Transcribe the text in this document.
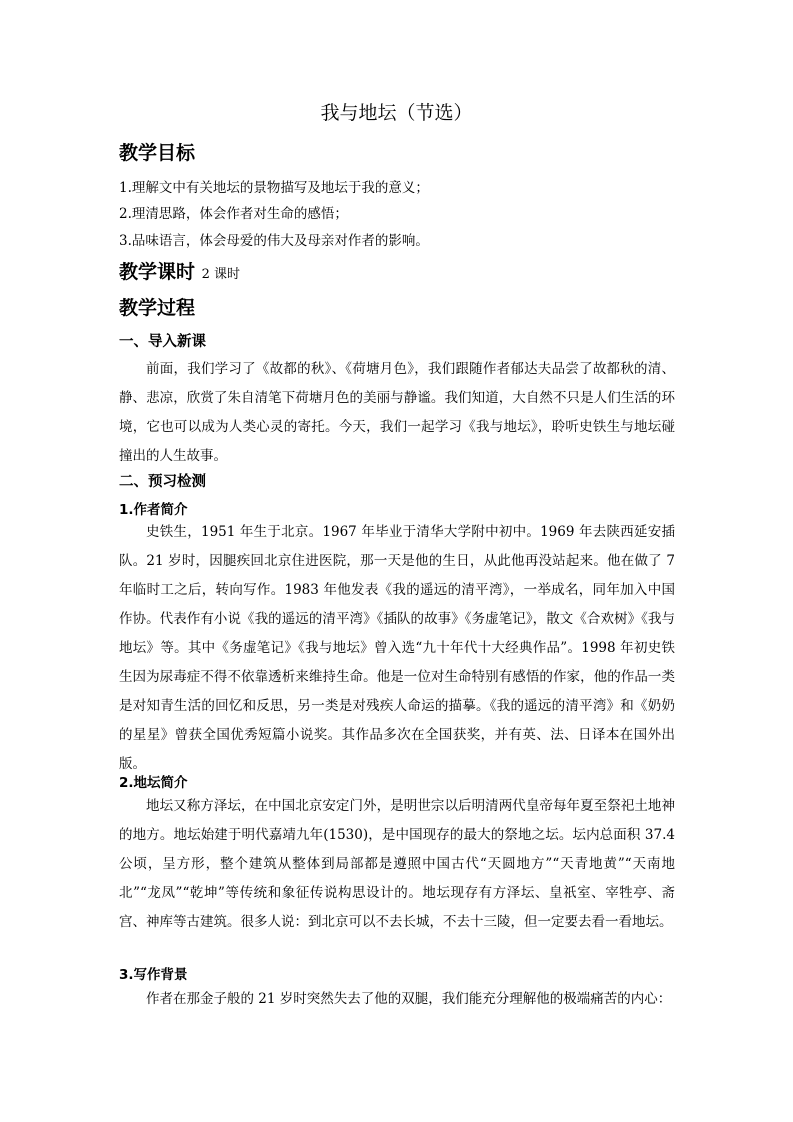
我与地坛（节选）
教学目标
1.理解文中有关地坛的景物描写及地坛于我的意义；
2.理清思路，体会作者对生命的感悟；
3.品味语言，体会母爱的伟大及母亲对作者的影响。
教学课时 2 课时
教学过程
一、导入新课
前面，我们学习了《故都的秋》、《荷塘月色》，我们跟随作者郁达夫品尝了故都秋的清、静、悲凉，欣赏了朱自清笔下荷塘月色的美丽与静谧。我们知道，大自然不只是人们生活的环境，它也可以成为人类心灵的寄托。今天，我们一起学习《我与地坛》，聆听史铁生与地坛碰撞出的人生故事。
二、预习检测
1.作者简介
史铁生，1951 年生于北京。1967 年毕业于清华大学附中初中。1969 年去陕西延安插队。21 岁时，因腿疾回北京住进医院，那一天是他的生日，从此他再没站起来。他在做了 7 年临时工之后，转向写作。1983 年他发表《我的遥远的清平湾》，一举成名，同年加入中国作协。代表作有小说《我的遥远的清平湾》《插队的故事》《务虚笔记》，散文《合欢树》《我与地坛》等。其中《务虚笔记》《我与地坛》曾入选“九十年代十大经典作品”。1998 年初史铁生因为尿毒症不得不依靠透析来维持生命。他是一位对生命特别有感悟的作家，他的作品一类是对知青生活的回忆和反思，另一类是对残疾人命运的描摹。《我的遥远的清平湾》和《奶奶的星星》曾获全国优秀短篇小说奖。其作品多次在全国获奖，并有英、法、日译本在国外出版。
2.地坛简介
地坛又称方泽坛，在中国北京安定门外，是明世宗以后明清两代皇帝每年夏至祭祀土地神的地方。地坛始建于明代嘉靖九年(1530)，是中国现存的最大的祭地之坛。坛内总面积 37.4 公顷，呈方形，整个建筑从整体到局部都是遵照中国古代“天圆地方”“天青地黄”“天南地北”“龙凤”“乾坤”等传统和象征传说构思设计的。地坛现存有方泽坛、皇祇室、宰牲亭、斋宫、神库等古建筑。很多人说：到北京可以不去长城，不去十三陵，但一定要去看一看地坛。
3.写作背景
作者在那金子般的 21 岁时突然失去了他的双腿，我们能充分理解他的极端痛苦的内心：
